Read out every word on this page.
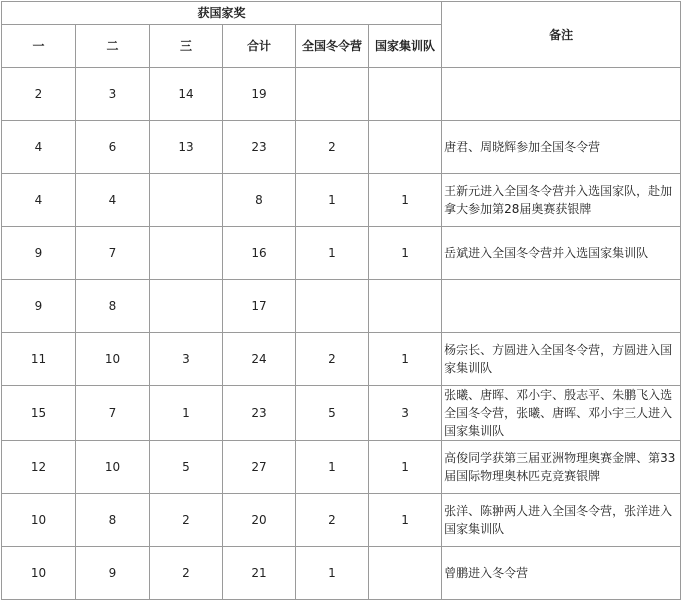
获国家奖						备注
一	二	三	合计	全国冬令营	国家集训队	
2	3	14	19			
4	6	13	23	2		唐君、周晓辉参加全国冬令营
4	4		8	1	1	王新元进入全国冬令营并入选国家队，赴加拿大参加第28届奥赛获银牌
9	7		16	1	1	岳斌进入全国冬令营并入选国家集训队
9	8		17			
11	10	3	24	2	1	杨宗长、方圆进入全国冬令营，方圆进入国家集训队
15	7	1	23	5	3	张曦、唐晖、邓小宇、殷志平、朱鹏飞入选全国冬令营，张曦、唐晖、邓小宇三人进入国家集训队
12	10	5	27	1	1	高俊同学获第三届亚洲物理奥赛金牌、第33届国际物理奥林匹克竞赛银牌
10	8	2	20	2	1	张洋、陈翀两人进入全国冬令营，张洋进入国家集训队
10	9	2	21	1		曾鹏进入冬令营
